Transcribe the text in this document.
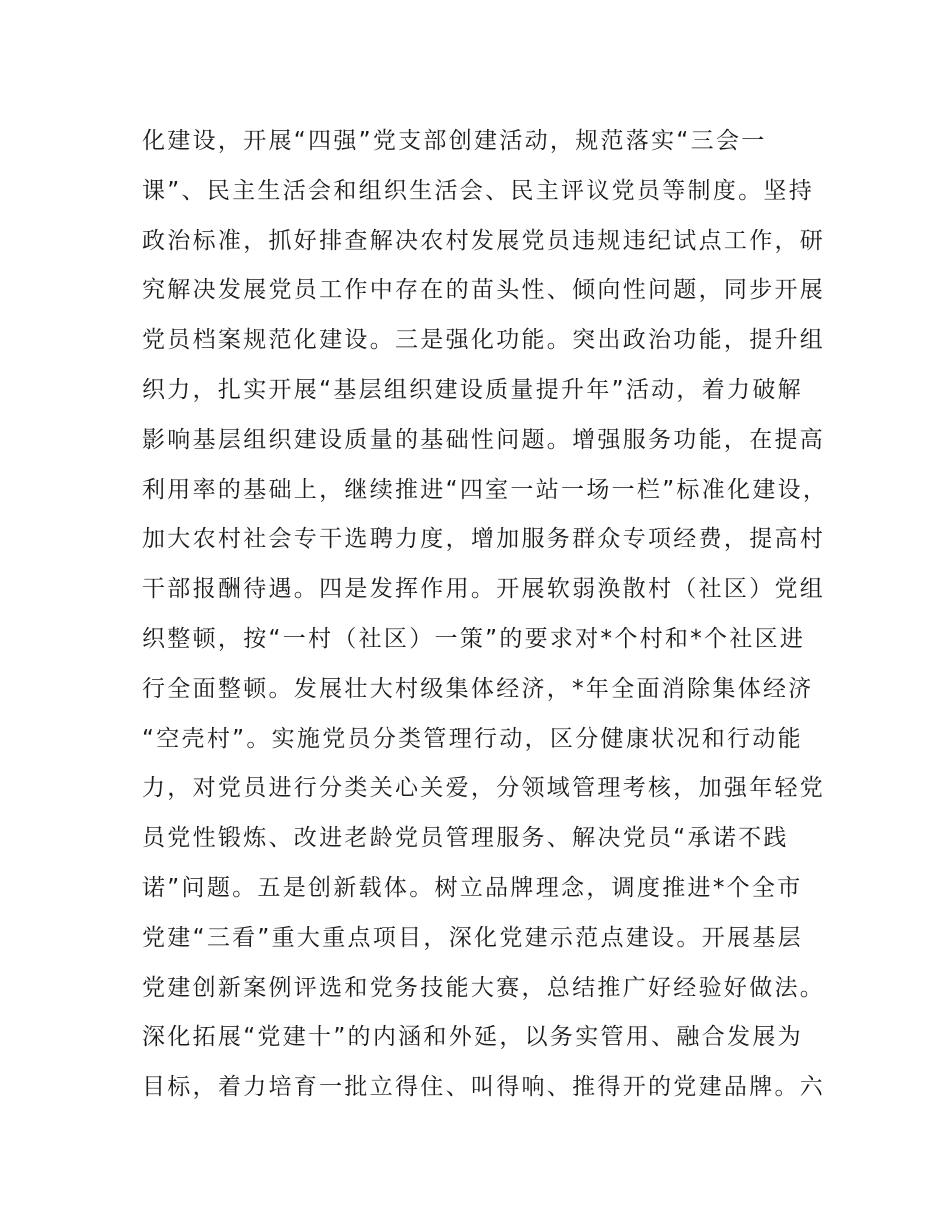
化建设，开展“四强”党支部创建活动，规范落实“三会一
课”、民主生活会和组织生活会、民主评议党员等制度。坚持
政治标准，抓好排查解决农村发展党员违规违纪试点工作，研
究解决发展党员工作中存在的苗头性、倾向性问题，同步开展
党员档案规范化建设。三是强化功能。突出政治功能，提升组
织力，扎实开展“基层组织建设质量提升年”活动，着力破解
影响基层组织建设质量的基础性问题。增强服务功能，在提高
利用率的基础上，继续推进“四室一站一场一栏”标准化建设，
加大农村社会专干选聘力度，增加服务群众专项经费，提高村
干部报酬待遇。四是发挥作用。开展软弱涣散村（社区）党组
织整顿，按“一村（社区）一策”的要求对*个村和*个社区进
行全面整顿。发展壮大村级集体经济，*年全面消除集体经济
“空壳村”。实施党员分类管理行动，区分健康状况和行动能
力，对党员进行分类关心关爱，分领域管理考核，加强年轻党
员党性锻炼、改进老龄党员管理服务、解决党员“承诺不践
诺”问题。五是创新载体。树立品牌理念，调度推进*个全市
党建“三看”重大重点项目，深化党建示范点建设。开展基层
党建创新案例评选和党务技能大赛，总结推广好经验好做法。
深化拓展“党建十”的内涵和外延，以务实管用、融合发展为
目标，着力培育一批立得住、叫得响、推得开的党建品牌。六
